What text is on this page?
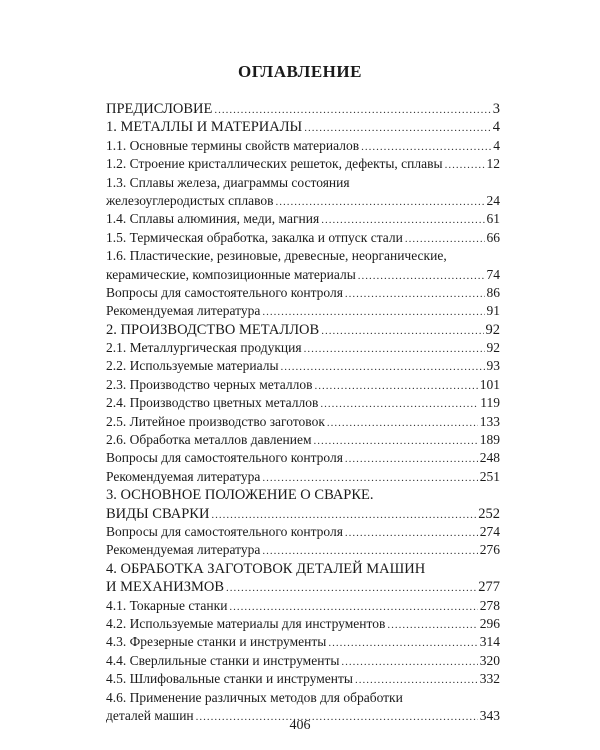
ОГЛАВЛЕНИЕ
ПРЕДИСЛОВИЕ .....	3
1. МЕТАЛЛЫ И МАТЕРИАЛЫ .....	4
1.1. Основные термины свойств материалов .....	4
1.2. Строение кристаллических решеток, дефекты, сплавы .....	12
1.3. Сплавы железа, диаграммы состояния
железоуглеродистых сплавов .....	24
1.4. Сплавы алюминия, меди, магния .....	61
1.5. Термическая обработка, закалка и отпуск стали .....	66
1.6. Пластические, резиновые, древесные, неорганические,
керамические, композиционные материалы .....	74
Вопросы для самостоятельного контроля .....	86
Рекомендуемая литература .....	91
2. ПРОИЗВОДСТВО МЕТАЛЛОВ .....	92
2.1. Металлургическая продукция .....	92
2.2. Используемые материалы .....	93
2.3. Производство черных металлов .....	101
2.4. Производство цветных металлов .....	119
2.5. Литейное производство заготовок .....	133
2.6. Обработка металлов давлением .....	189
Вопросы для самостоятельного контроля .....	248
Рекомендуемая литература .....	251
3. ОСНОВНОЕ ПОЛОЖЕНИЕ О СВАРКЕ.
ВИДЫ СВАРКИ .....	252
Вопросы для самостоятельного контроля .....	274
Рекомендуемая литература .....	276
4. ОБРАБОТКА ЗАГОТОВОК ДЕТАЛЕЙ МАШИН
И МЕХАНИЗМОВ .....	277
4.1. Токарные станки .....	278
4.2. Используемые материалы для инструментов .....	296
4.3. Фрезерные станки и инструменты .....	314
4.4. Сверлильные станки и инструменты .....	320
4.5. Шлифовальные станки и инструменты .....	332
4.6. Применение различных методов для обработки
деталей машин .....	343
406
